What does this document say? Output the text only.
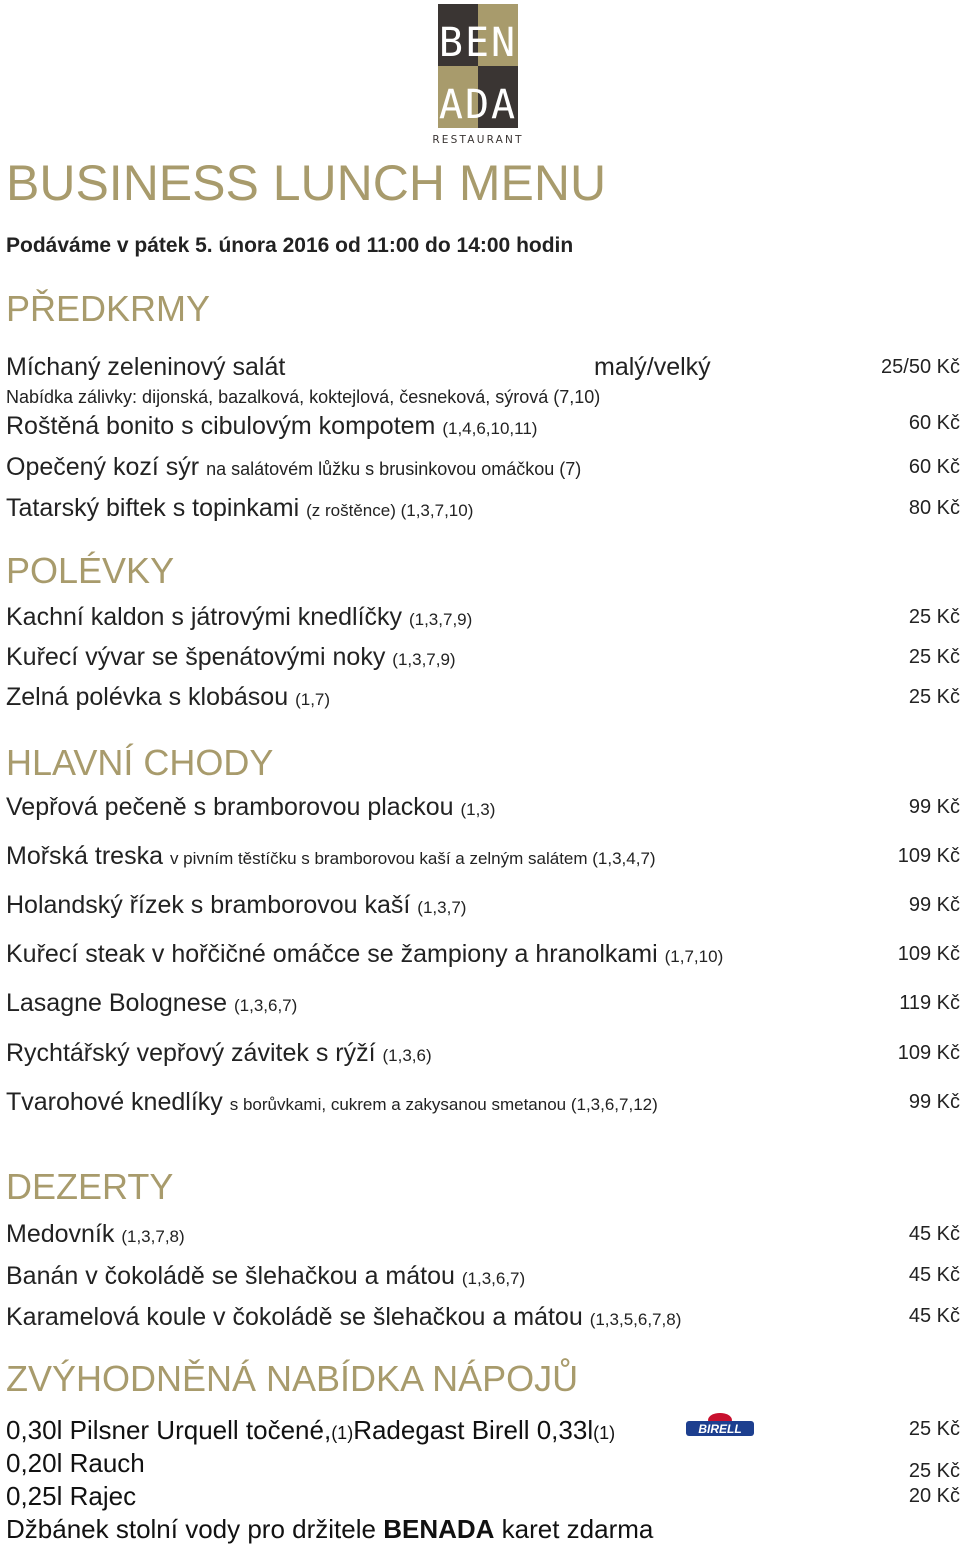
BEN
ADA
RESTAURANT
BUSINESS LUNCH MENU
Podáváme v pátek 5. února 2016 od 11:00 do 14:00 hodin
PŘEDKRMY
Míchaný zeleninový salát	malý/velký	25/50 Kč
Nabídka zálivky: dijonská, bazalková, koktejlová, česneková, sýrová (7,10)
Roštěná bonito s cibulovým kompotem (1,4,6,10,11)	60 Kč
Opečený kozí sýr na salátovém lůžku s brusinkovou omáčkou (7)	60 Kč
Tatarský biftek s topinkami (z roštěnce) (1,3,7,10)	80 Kč
POLÉVKY
Kachní kaldon s játrovými knedlíčky (1,3,7,9)	25 Kč
Kuřecí vývar se špenátovými noky (1,3,7,9)	25 Kč
Zelná polévka s klobásou (1,7)	25 Kč
HLAVNÍ CHODY
Vepřová pečeně s bramborovou plackou (1,3)	99 Kč
Mořská treska v pivním těstíčku s bramborovou kaší a zelným salátem (1,3,4,7)	109 Kč
Holandský řízek s bramborovou kaší (1,3,7)	99 Kč
Kuřecí steak v hořčičné omáčce se žampiony a hranolkami (1,7,10)	109 Kč
Lasagne Bolognese (1,3,6,7)	119 Kč
Rychtářský vepřový závitek s rýží (1,3,6)	109 Kč
Tvarohové knedlíky s borůvkami, cukrem a zakysanou smetanou (1,3,6,7,12)	99 Kč
DEZERTY
Medovník (1,3,7,8)	45 Kč
Banán v čokoládě se šlehačkou a mátou (1,3,6,7)	45 Kč
Karamelová koule v čokoládě se šlehačkou a mátou (1,3,5,6,7,8)	45 Kč
ZVÝHODNĚNÁ NABÍDKA NÁPOJŮ
0,30l Pilsner Urquell točené,(1)Radegast Birell 0,33l(1)	BIRELL	25 Kč
0,20l Rauch	25 Kč
0,25l Rajec	20 Kč
Džbánek stolní vody pro držitele BENADA karet zdarma
